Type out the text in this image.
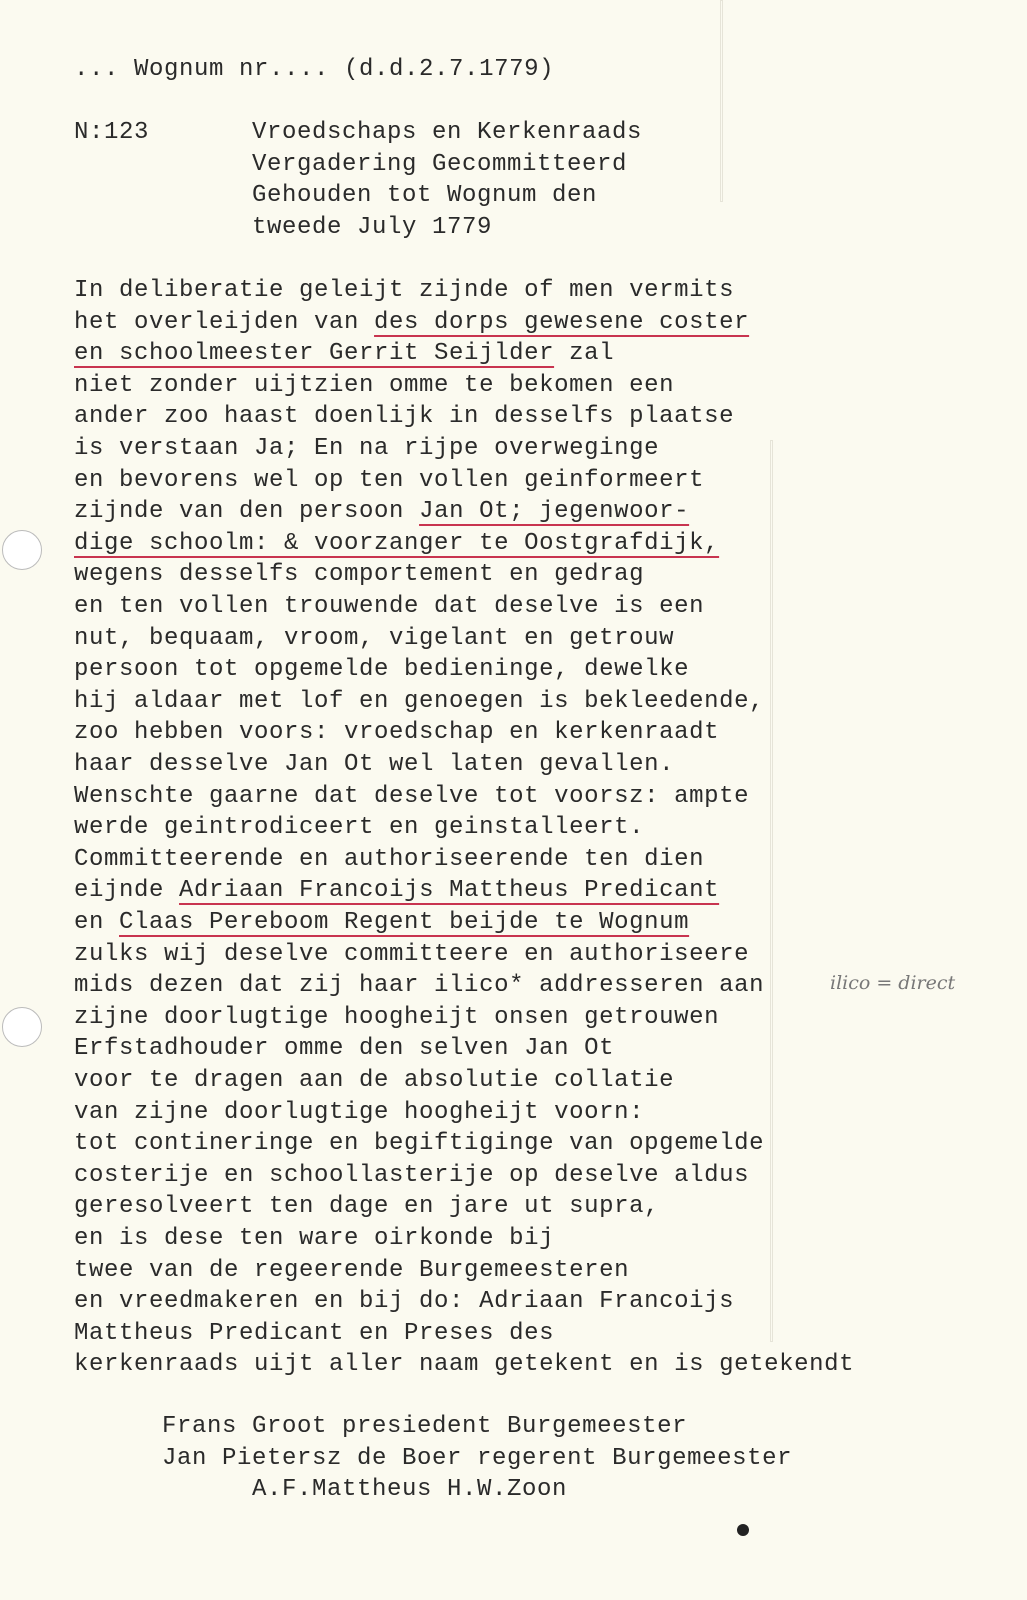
... Wognum nr.... (d.d.2.7.1779)
N:123	Vroedschaps en Kerkenraads
Vergadering Gecommitteerd
Gehouden tot Wognum den
tweede July 1779
In deliberatie geleijt zijnde of men vermits
het overleijden van des dorps gewesene coster
en schoolmeester Gerrit Seijlder zal
niet zonder uijtzien omme te bekomen een
ander zoo haast doenlijk in desselfs plaatse
is verstaan Ja; En na rijpe overweginge
en bevorens wel op ten vollen geinformeert
zijnde van den persoon Jan Ot; jegenwoor-
dige schoolm: & voorzanger te Oostgrafdijk,
wegens desselfs comportement en gedrag
en ten vollen trouwende dat deselve is een
nut, bequaam, vroom, vigelant en getrouw
persoon tot opgemelde bedieninge, dewelke
hij aldaar met lof en genoegen is bekleedende,
zoo hebben voors: vroedschap en kerkenraadt
haar desselve Jan Ot wel laten gevallen.
Wenschte gaarne dat deselve tot voorsz: ampte
werde geintrodiceert en geinstalleert.
Committeerende en authoriseerende ten dien
eijnde Adriaan Francoijs Mattheus Predicant
en Claas Pereboom Regent beijde te Wognum
zulks wij deselve committeere en authoriseere
mids dezen dat zij haar ilico* addresseren aan
zijne doorlugtige hoogheijt onsen getrouwen
Erfstadhouder omme den selven Jan Ot
voor te dragen aan de absolutie collatie
van zijne doorlugtige hoogheijt voorn:
tot contineringe en begiftiginge van opgemelde
costerije en schoollasterije op deselve aldus
geresolveert ten dage en jare ut supra,
en is dese ten ware oirkonde bij
twee van de regeerende Burgemeesteren
en vreedmakeren en bij do: Adriaan Francoijs
Mattheus Predicant en Preses des
kerkenraads uijt aller naam getekent en is getekendt
Frans Groot presiedent Burgemeester
Jan Pietersz de Boer regerent Burgemeester
A.F.Mattheus H.W.Zoon
ilico = direct
